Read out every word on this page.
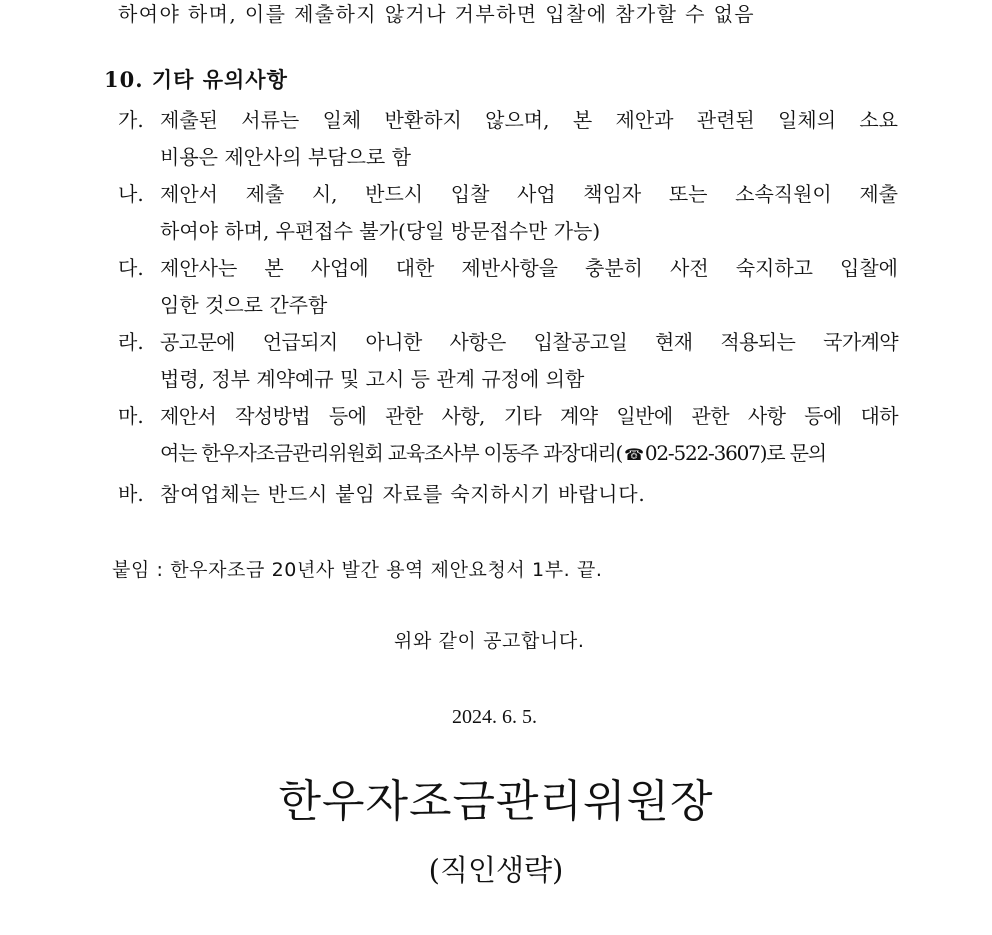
하여야 하며, 이를 제출하지 않거나 거부하면 입찰에 참가할 수 없음
10. 기타 유의사항
가. 제출된 서류는 일체 반환하지 않으며, 본 제안과 관련된 일체의 소요
비용은 제안사의 부담으로 함
나. 제안서 제출 시, 반드시 입찰 사업 책임자 또는 소속직원이 제출
하여야 하며, 우편접수 불가(당일 방문접수만 가능)
다. 제안사는 본 사업에 대한 제반사항을 충분히 사전 숙지하고 입찰에
임한 것으로 간주함
라. 공고문에 언급되지 아니한 사항은 입찰공고일 현재 적용되는 국가계약
법령, 정부 계약예규 및 고시 등 관계 규정에 의함
마. 제안서 작성방법 등에 관한 사항, 기타 계약 일반에 관한 사항 등에 대하
여는 한우자조금관리위원회 교육조사부 이동주 과장대리( ☎ 02-522-3607)로 문의
바. 참여업체는 반드시 붙임 자료를 숙지하시기 바랍니다.
붙임 : 한우자조금 20년사 발간 용역 제안요청서 1부. 끝.
위와 같이 공고합니다.
2024. 6. 5.
한우자조금관리위원장
(직인생략)
